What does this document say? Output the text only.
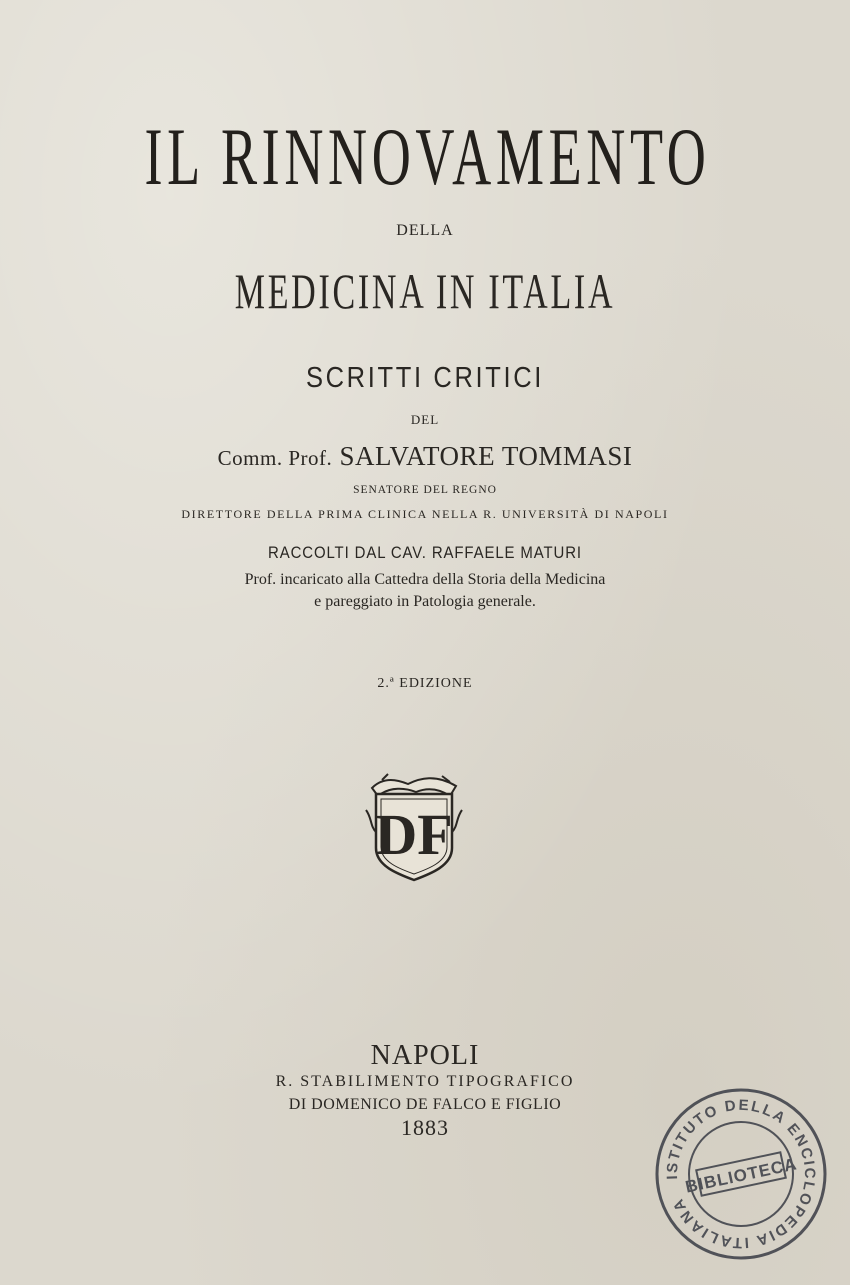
IL RINNOVAMENTO
DELLA
MEDICINA IN ITALIA
SCRITTI CRITICI
DEL
Comm. Prof. SALVATORE TOMMASI
SENATORE DEL REGNO
DIRETTORE DELLA PRIMA CLINICA NELLA R. UNIVERSITÀ DI NAPOLI
RACCOLTI DAL CAV. RAFFAELE MATURI
Prof. incaricato alla Cattedra della Storia della Medicina
e pareggiato in Patologia generale.
2.ª EDIZIONE
DF
NAPOLI
R. STABILIMENTO TIPOGRAFICO
DI DOMENICO DE FALCO E FIGLIO
1883
ISTITUTO DELLA ENCICLOPEDIA ITALIANA
BIBLIOTECA
